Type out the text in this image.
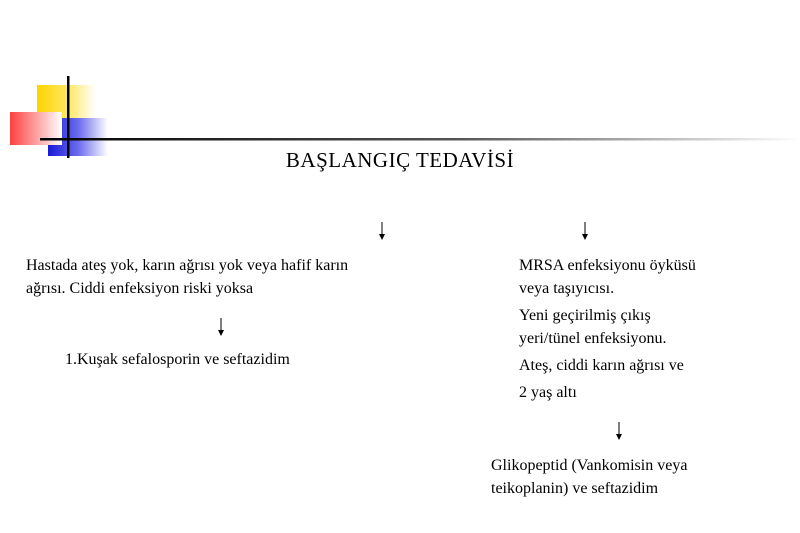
BAŞLANGIÇ TEDAVİSİ
Hastada ateş yok, karın ağrısı yok veya hafif karın
ağrısı. Ciddi enfeksiyon riski yoksa
1.Kuşak sefalosporin ve seftazidim
MRSA enfeksiyonu öyküsü
veya taşıyıcısı.
Yeni geçirilmiş çıkış
yeri/tünel enfeksiyonu.
Ateş, ciddi karın ağrısı ve
2 yaş altı
Glikopeptid (Vankomisin veya
teikoplanin) ve seftazidim
